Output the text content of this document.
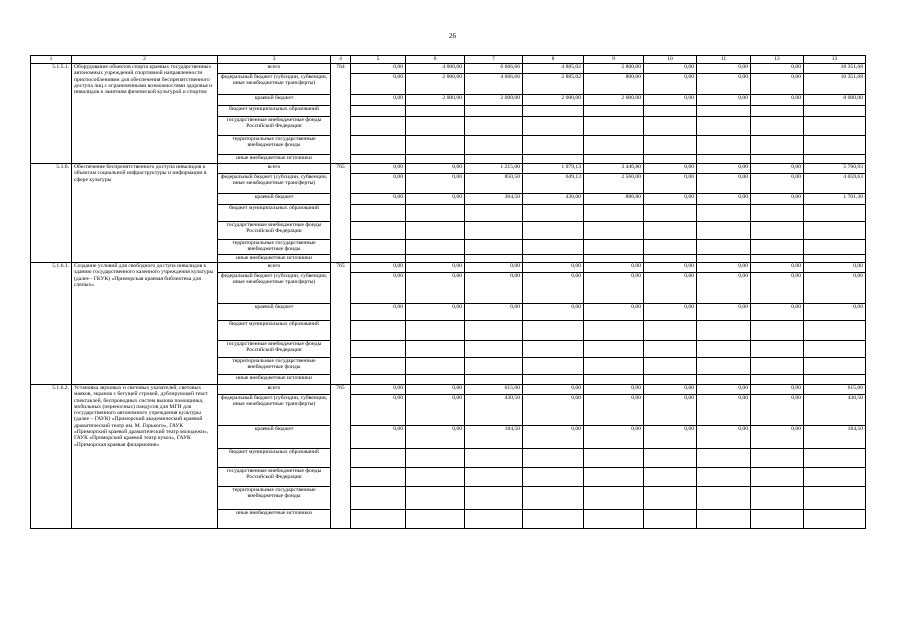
26
1	2	3	4	5	6	7	8	9	10	11	12	13
5.1.5.1.	Оборудование объектов спорта краевых государственных автономных учреждений спортивной направленности приспособлениями для обеспечения беспрепятственного доступа лиц с ограниченными возможностями здоровья и инвалидов к занятиям физической культурой и спортом	всего	764	0,00	4 000,00	6 666,66	4 885,02	2 800,00	0,00	0,00	0,00	18 351,68
		федеральный бюджет (субсидии, субвенции, иные межбюджетные трансферты)		0,00	2 000,00	4 666,66	2 885,02	800,00	0,00	0,00	0,00	10 351,68
		краевой бюджет		0,00	2 000,00	2 000,00	2 000,00	2 000,00	0,00	0,00	0,00	8 000,00
		бюджет муниципальных образований										
		государственные внебюджетные фонды Российской Федерации										
		территориальные государственные внебюджетные фонды										
		иные внебюджетные источники										
5.1.6.	Обеспечение беспрепятственного доступа инвалидов к объектам социальной инфраструктуры и информации в сфере культуры	всего	765	0,00	0,00	1 215,00	1 079,13	3 446,80	0,00	0,00	0,00	5 760,93
		федеральный бюджет (субсидии, субвенции, иные межбюджетные трансферты)		0,00	0,00	850,50	649,13	2 560,00	0,00	0,00	0,00	4 059,63
		краевой бюджет		0,00	0,00	364,50	430,00	886,80	0,00	0,00	0,00	1 701,30
		бюджет муниципальных образований										
		государственные внебюджетные фонды Российской Федерации										
		территориальные государственные внебюджетные фонды										
		иные внебюджетные источники										
5.1.6.1.	Создание условий для свободного доступа инвалидов к зданию государственного казенного учреждения культуры (далее - ГКУК) «Приморская краевая библиотека для слепых»	всего	765	0,00	0,00	0,00	0,00	0,00	0,00	0,00	0,00	0,00
		федеральный бюджет (субсидии, субвенции, иные межбюджетные трансферты)		0,00	0,00	0,00	0,00	0,00	0,00	0,00	0,00	0,00
		краевой бюджет		0,00	0,00	0,00	0,00	0,00	0,00	0,00	0,00	0,00
		бюджет муниципальных образований										
		государственные внебюджетные фонды Российской Федерации										
		территориальные государственные внебюджетные фонды										
		иные внебюджетные источники										
5.1.6.2.	Установка звуковых и световых указателей, световых маяков, экранов с бегущей строкой, дублирующей текст спектаклей, беспроводных систем вызова помощника, мобильных (переносных) пандусов для МГН для государственного автономного учреждения культуры (далее – ГАУК) «Приморский академический краевой драматический театр им. М. Горького», ГАУК «Приморский краевой драматический театр молодежи», ГАУК «Приморский краевой театр кукол», ГАУК «Приморская краевая филармония»	всего	765	0,00	0,00	615,00	0,00	0,00	0,00	0,00	0,00	615,00
		федеральный бюджет (субсидии, субвенции, иные межбюджетные трансферты)		0,00	0,00	430,50	0,00	0,00	0,00	0,00	0,00	430,50
		краевой бюджет		0,00	0,00	184,50	0,00	0,00	0,00	0,00	0,00	184,50
		бюджет муниципальных образований										
		государственные внебюджетные фонды Российской Федерации										
		территориальные государственные внебюджетные фонды										
		иные внебюджетные источники										
